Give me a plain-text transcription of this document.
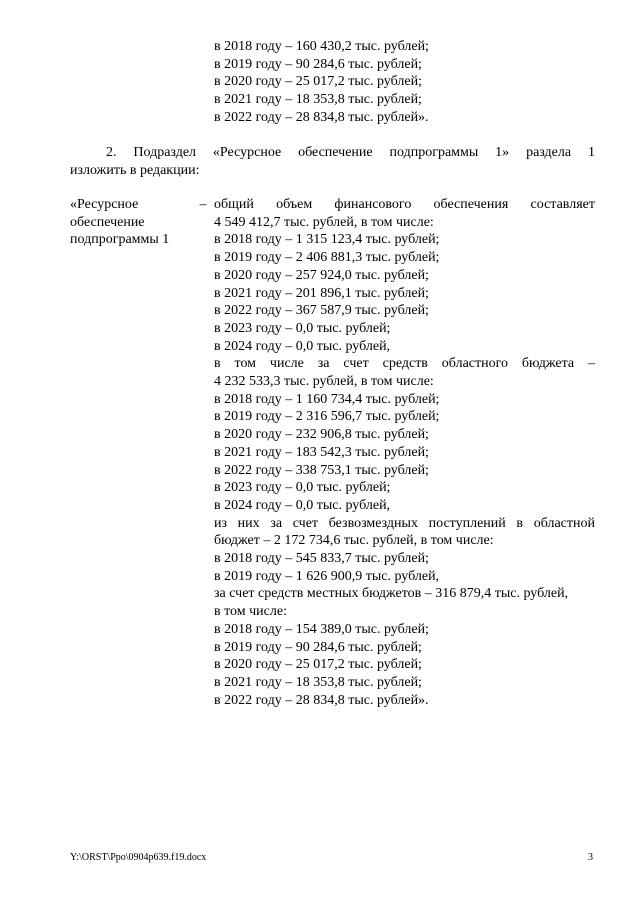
в 2018 году – 160 430,2 тыс. рублей;
в 2019 году – 90 284,6 тыс. рублей;
в 2020 году – 25 017,2 тыс. рублей;
в 2021 году – 18 353,8 тыс. рублей;
в 2022 году – 28 834,8 тыс. рублей».
2. Подраздел «Ресурсное обеспечение подпрограммы 1» раздела 1
изложить в редакции:
«Ресурсное
обеспечение
подпрограммы 1
– общий объем финансового обеспечения составляет
4 549 412,7 тыс. рублей, в том числе:
в 2018 году – 1 315 123,4 тыс. рублей;
в 2019 году – 2 406 881,3 тыс. рублей;
в 2020 году – 257 924,0 тыс. рублей;
в 2021 году – 201 896,1 тыс. рублей;
в 2022 году – 367 587,9 тыс. рублей;
в 2023 году – 0,0 тыс. рублей;
в 2024 году – 0,0 тыс. рублей,
в том числе за счет средств областного бюджета –
4 232 533,3 тыс. рублей, в том числе:
в 2018 году – 1 160 734,4 тыс. рублей;
в 2019 году – 2 316 596,7 тыс. рублей;
в 2020 году – 232 906,8 тыс. рублей;
в 2021 году – 183 542,3 тыс. рублей;
в 2022 году – 338 753,1 тыс. рублей;
в 2023 году – 0,0 тыс. рублей;
в 2024 году – 0,0 тыс. рублей,
из них за счет безвозмездных поступлений в областной
бюджет – 2 172 734,6 тыс. рублей, в том числе:
в 2018 году – 545 833,7 тыс. рублей;
в 2019 году – 1 626 900,9 тыс. рублей,
за счет средств местных бюджетов – 316 879,4 тыс. рублей,
в том числе:
в 2018 году – 154 389,0 тыс. рублей;
в 2019 году – 90 284,6 тыс. рублей;
в 2020 году – 25 017,2 тыс. рублей;
в 2021 году – 18 353,8 тыс. рублей;
в 2022 году – 28 834,8 тыс. рублей».
Y:\ORST\Ppo\0904p639.f19.docx	3
